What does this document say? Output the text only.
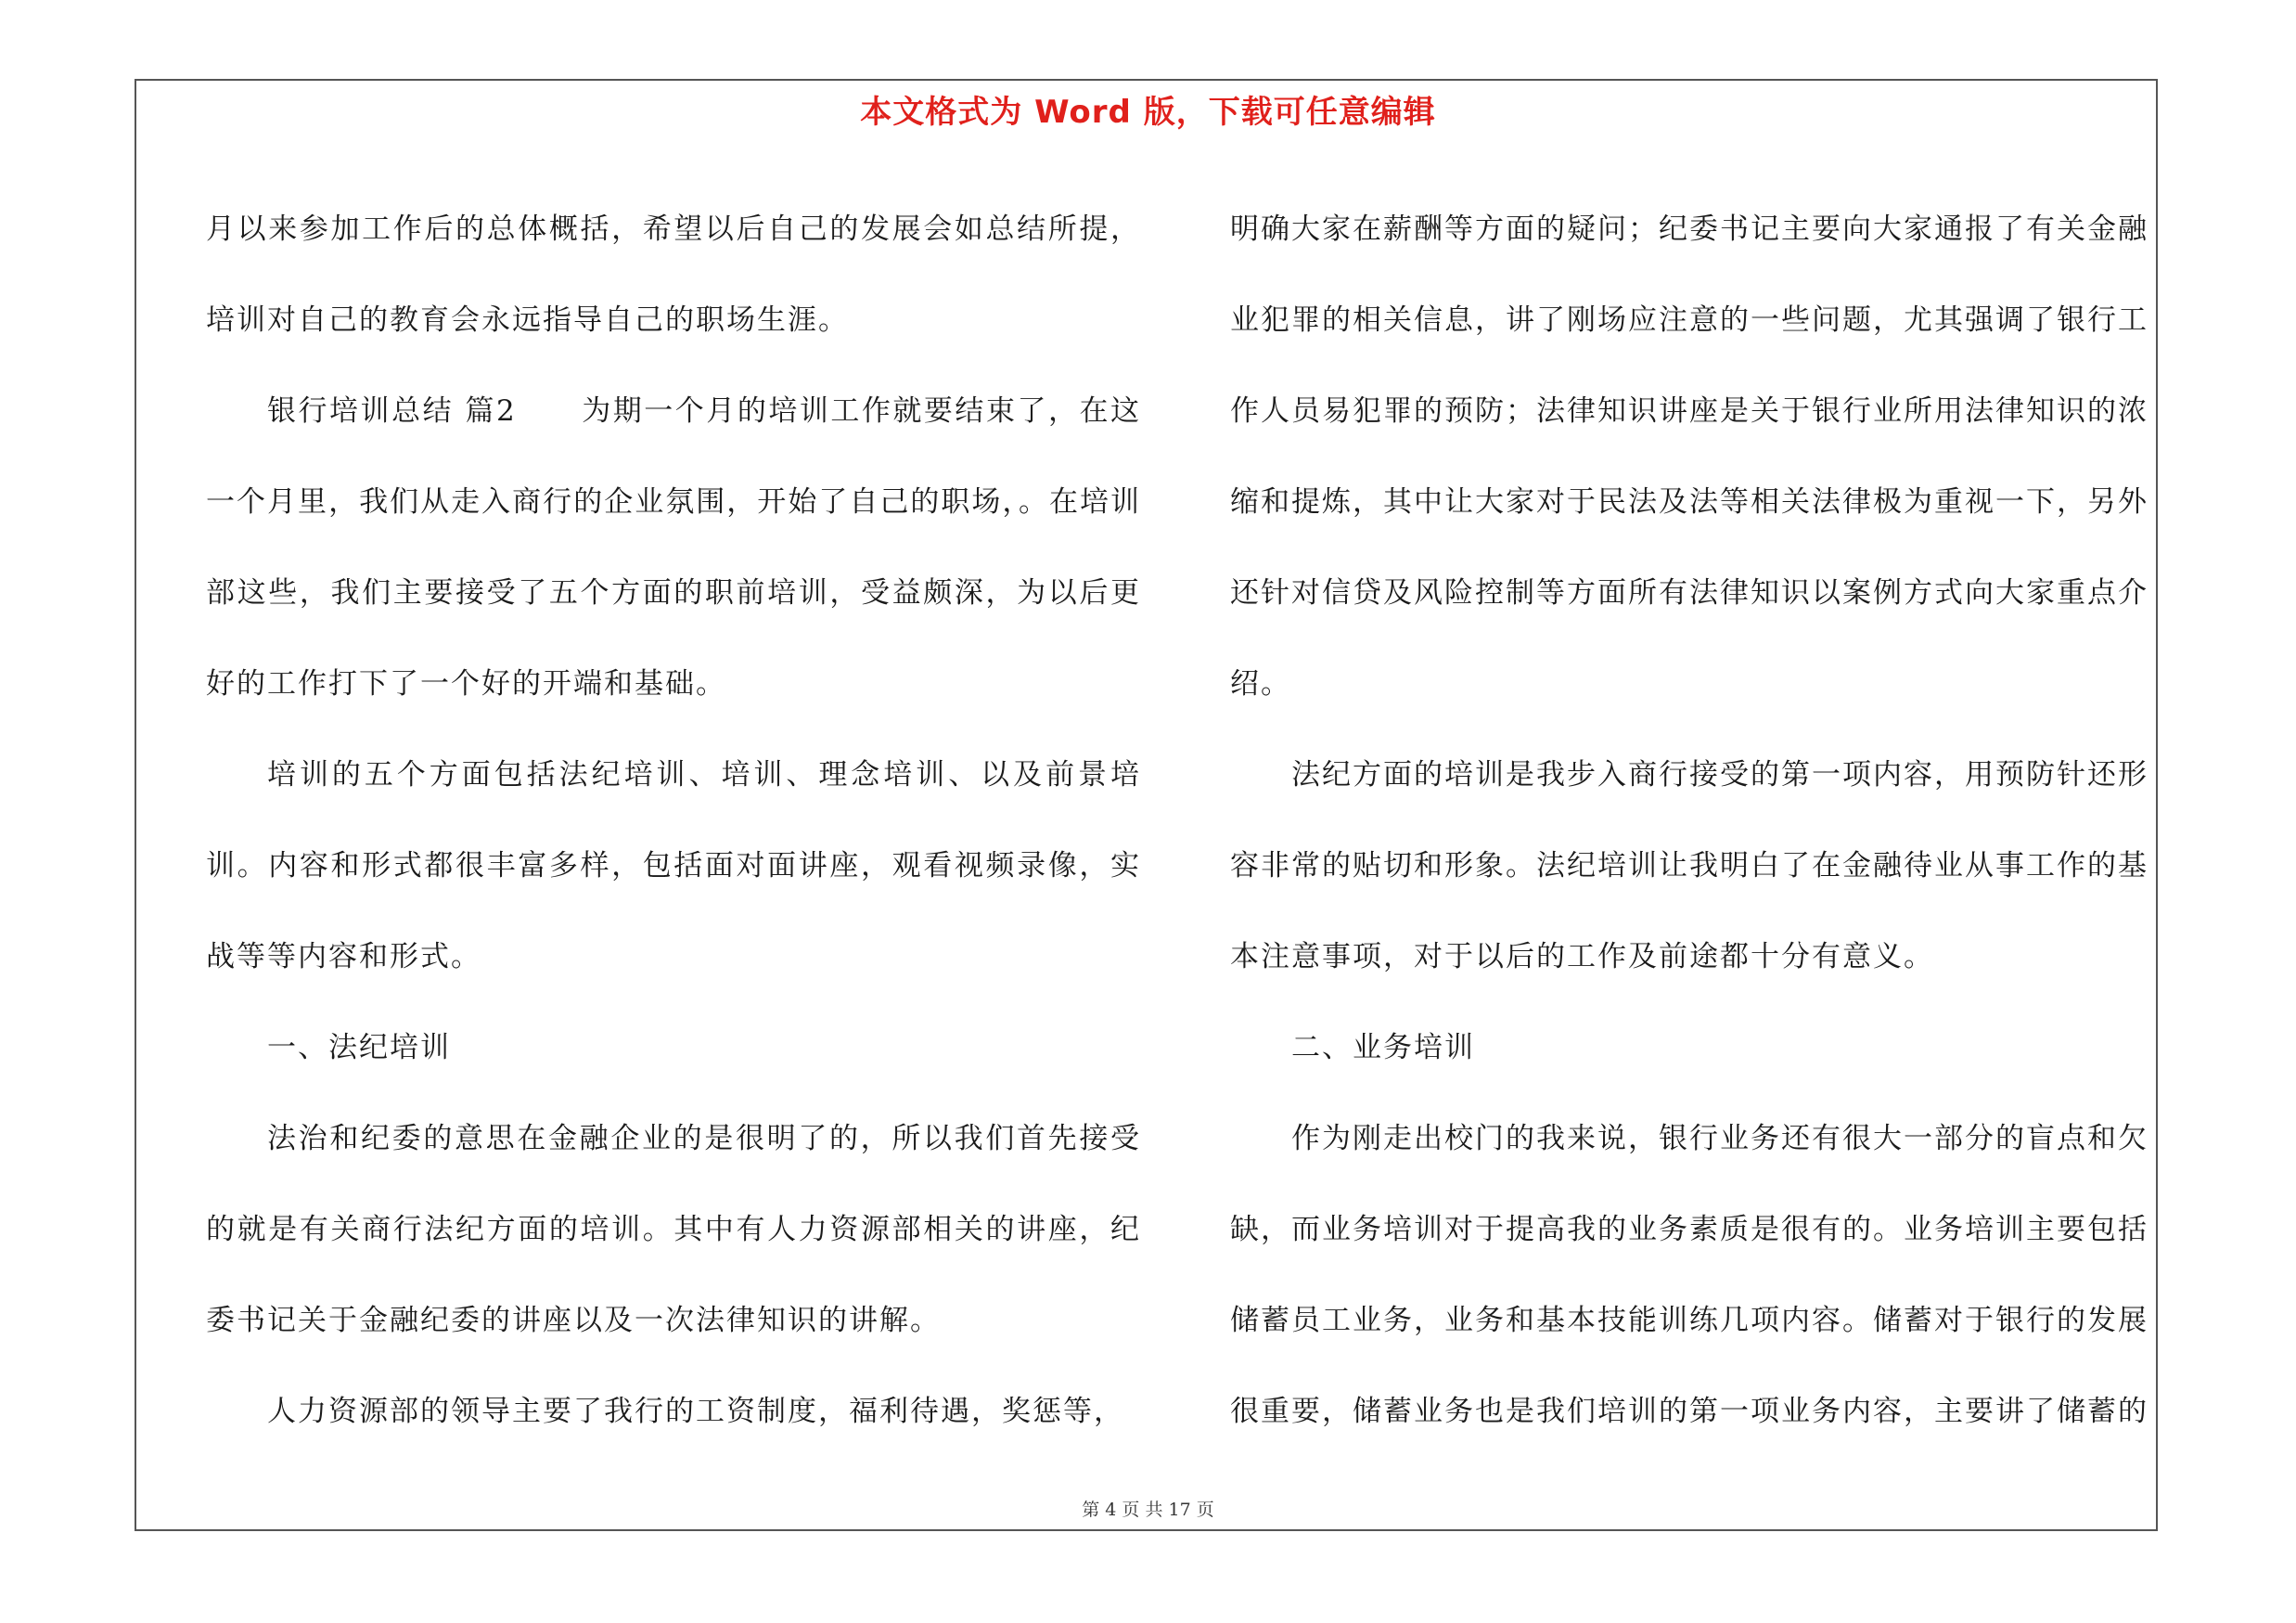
本文格式为 Word 版，下载可任意编辑

月以来参加工作后的总体概括，希望以后自己的发展会如总结所提，培训对自己的教育会永远指导自己的职场生涯。

银行培训总结 篇2 为期一个月的培训工作就要结束了，在这一个月里，我们从走入商行的企业氛围，开始了自己的职场，。在培训部这些，我们主要接受了五个方面的职前培训，受益颇深，为以后更好的工作打下了一个好的开端和基础。

培训的五个方面包括法纪培训、培训、理念培训、以及前景培训。内容和形式都很丰富多样，包括面对面讲座，观看视频录像，实战等等内容和形式。

一、法纪培训

法治和纪委的意思在金融企业的是很明了的，所以我们首先接受的就是有关商行法纪方面的培训。其中有人力资源部相关的讲座，纪委书记关于金融纪委的讲座以及一次法律知识的讲解。

人力资源部的领导主要了我行的工资制度，福利待遇，奖惩等，

明确大家在薪酬等方面的疑问；纪委书记主要向大家通报了有关金融业犯罪的相关信息，讲了刚场应注意的一些问题，尤其强调了银行工作人员易犯罪的预防；法律知识讲座是关于银行业所用法律知识的浓缩和提炼，其中让大家对于民法及法等相关法律极为重视一下，另外还针对信贷及风险控制等方面所有法律知识以案例方式向大家重点介绍。

法纪方面的培训是我步入商行接受的第一项内容，用预防针还形容非常的贴切和形象。法纪培训让我明白了在金融待业从事工作的基本注意事项，对于以后的工作及前途都十分有意义。

二、业务培训

作为刚走出校门的我来说，银行业务还有很大一部分的盲点和欠缺，而业务培训对于提高我的业务素质是很有的。业务培训主要包括储蓄员工业务，业务和基本技能训练几项内容。储蓄对于银行的发展很重要，储蓄业务也是我们培训的第一项业务内容，主要讲了储蓄的

第 4 页 共 17 页
